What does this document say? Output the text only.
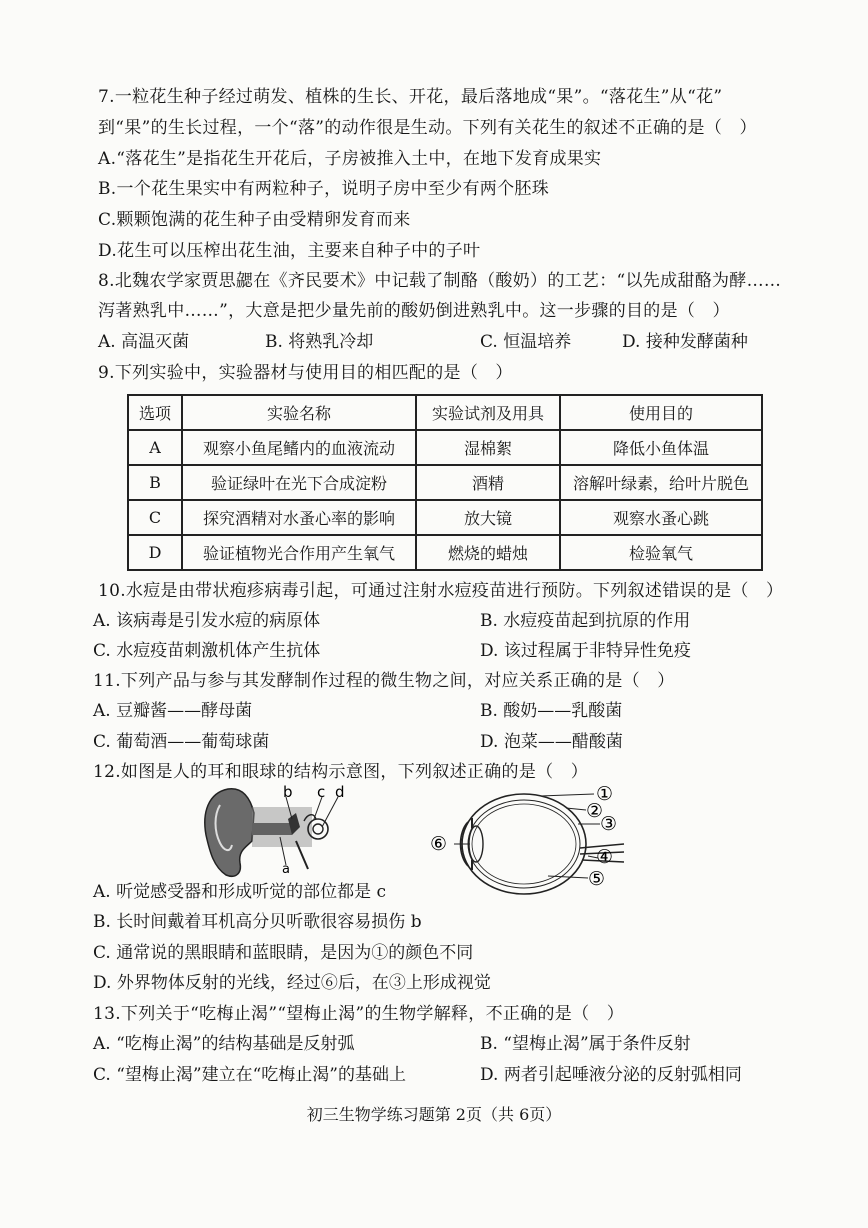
7.一粒花生种子经过萌发、植株的生长、开花，最后落地成“果”。“落花生”从“花”
到“果”的生长过程，一个“落”的动作很是生动。下列有关花生的叙述不正确的是（　）
A.“落花生”是指花生开花后，子房被推入土中，在地下发育成果实
B.一个花生果实中有两粒种子，说明子房中至少有两个胚珠
C.颗颗饱满的花生种子由受精卵发育而来
D.花生可以压榨出花生油，主要来自种子中的子叶
8.北魏农学家贾思勰在《齐民要术》中记载了制酪（酸奶）的工艺：“以先成甜酪为酵……
泻著熟乳中……”，大意是把少量先前的酸奶倒进熟乳中。这一步骤的目的是（　）
A. 高温灭菌	B. 将熟乳冷却	C. 恒温培养	D. 接种发酵菌种
9.下列实验中，实验器材与使用目的相匹配的是（　）
选项	实验名称	实验试剂及用具	使用目的
A	观察小鱼尾鳍内的血液流动	湿棉絮	降低小鱼体温
B	验证绿叶在光下合成淀粉	酒精	溶解叶绿素，给叶片脱色
C	探究酒精对水蚤心率的影响	放大镜	观察水蚤心跳
D	验证植物光合作用产生氧气	燃烧的蜡烛	检验氧气
10.水痘是由带状疱疹病毒引起，可通过注射水痘疫苗进行预防。下列叙述错误的是（　）
A. 该病毒是引发水痘的病原体	B. 水痘疫苗起到抗原的作用
C. 水痘疫苗刺激机体产生抗体	D. 该过程属于非特异性免疫
11.下列产品与参与其发酵制作过程的微生物之间，对应关系正确的是（　）
A. 豆瓣酱——酵母菌	B. 酸奶——乳酸菌
C. 葡萄酒——葡萄球菌	D. 泡菜——醋酸菌
12.如图是人的耳和眼球的结构示意图，下列叙述正确的是（　）
b c d
a
①
②
③
④
⑤
⑥
A. 听觉感受器和形成听觉的部位都是 c
B. 长时间戴着耳机高分贝听歌很容易损伤 b
C. 通常说的黑眼睛和蓝眼睛，是因为①的颜色不同
D. 外界物体反射的光线，经过⑥后，在③上形成视觉
13.下列关于“吃梅止渴”“望梅止渴”的生物学解释，不正确的是（　）
A. “吃梅止渴”的结构基础是反射弧	B. “望梅止渴”属于条件反射
C. “望梅止渴”建立在“吃梅止渴”的基础上	D. 两者引起唾液分泌的反射弧相同
初三生物学练习题第 2页（共 6页）
